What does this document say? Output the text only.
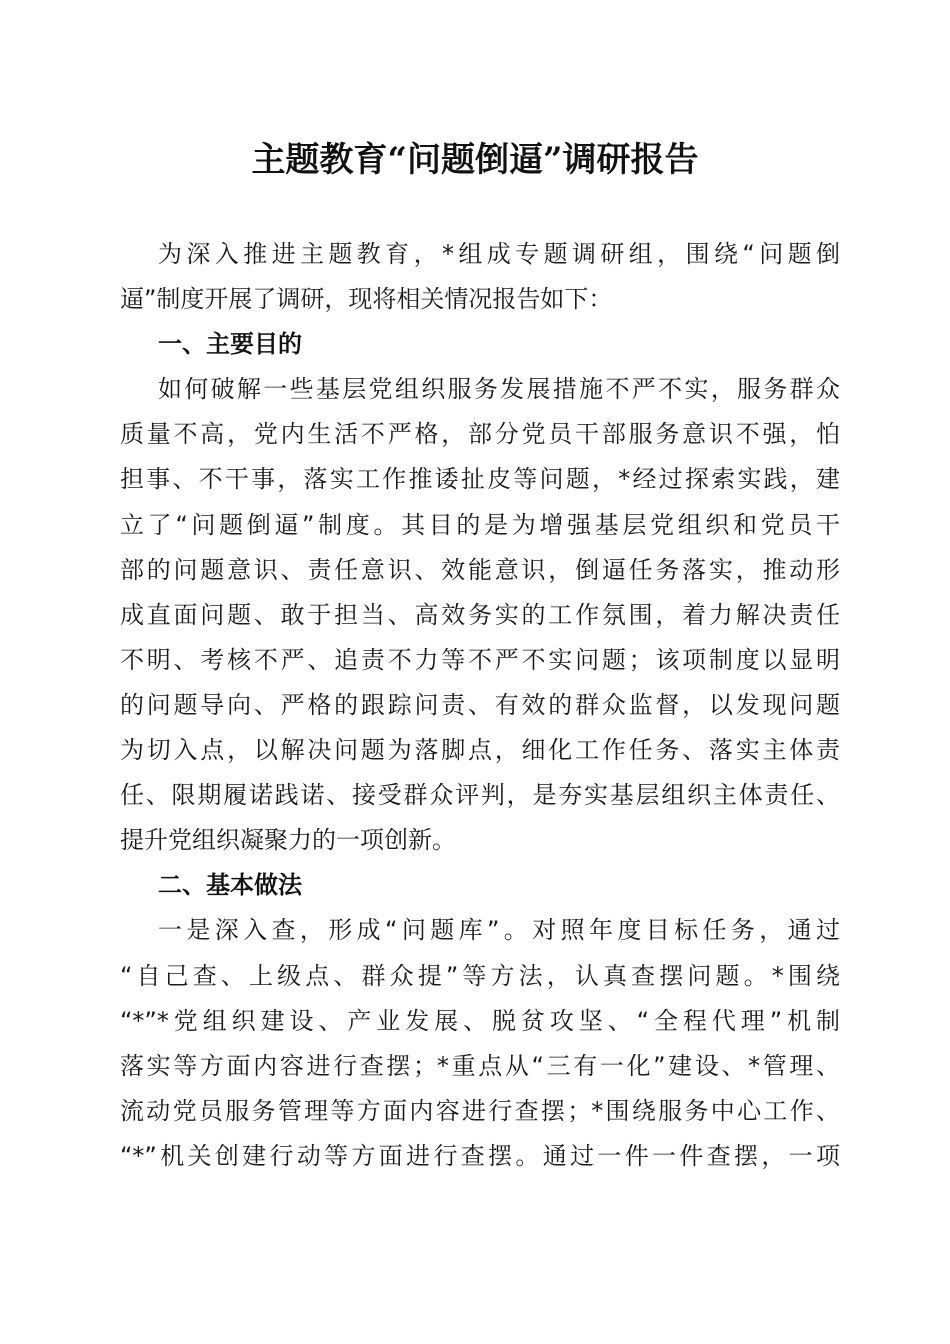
主题教育“问题倒逼”调研报告
为深入推进主题教育，*组成专题调研组，围绕“问题倒
逼”制度开展了调研，现将相关情况报告如下：
一、主要目的
如何破解一些基层党组织服务发展措施不严不实，服务群众
质量不高，党内生活不严格，部分党员干部服务意识不强，怕
担事、不干事，落实工作推诿扯皮等问题，*经过探索实践，建
立了“问题倒逼”制度。其目的是为增强基层党组织和党员干
部的问题意识、责任意识、效能意识，倒逼任务落实，推动形
成直面问题、敢于担当、高效务实的工作氛围，着力解决责任
不明、考核不严、追责不力等不严不实问题；该项制度以显明
的问题导向、严格的跟踪问责、有效的群众监督，以发现问题
为切入点，以解决问题为落脚点，细化工作任务、落实主体责
任、限期履诺践诺、接受群众评判，是夯实基层组织主体责任、
提升党组织凝聚力的一项创新。
二、基本做法
一是深入查，形成“问题库”。对照年度目标任务，通过
“自己查、上级点、群众提”等方法，认真查摆问题。*围绕
“*”*党组织建设、产业发展、脱贫攻坚、“全程代理”机制
落实等方面内容进行查摆；*重点从“三有一化”建设、*管理、
流动党员服务管理等方面内容进行查摆；*围绕服务中心工作、
“*”机关创建行动等方面进行查摆。通过一件一件查摆，一项
